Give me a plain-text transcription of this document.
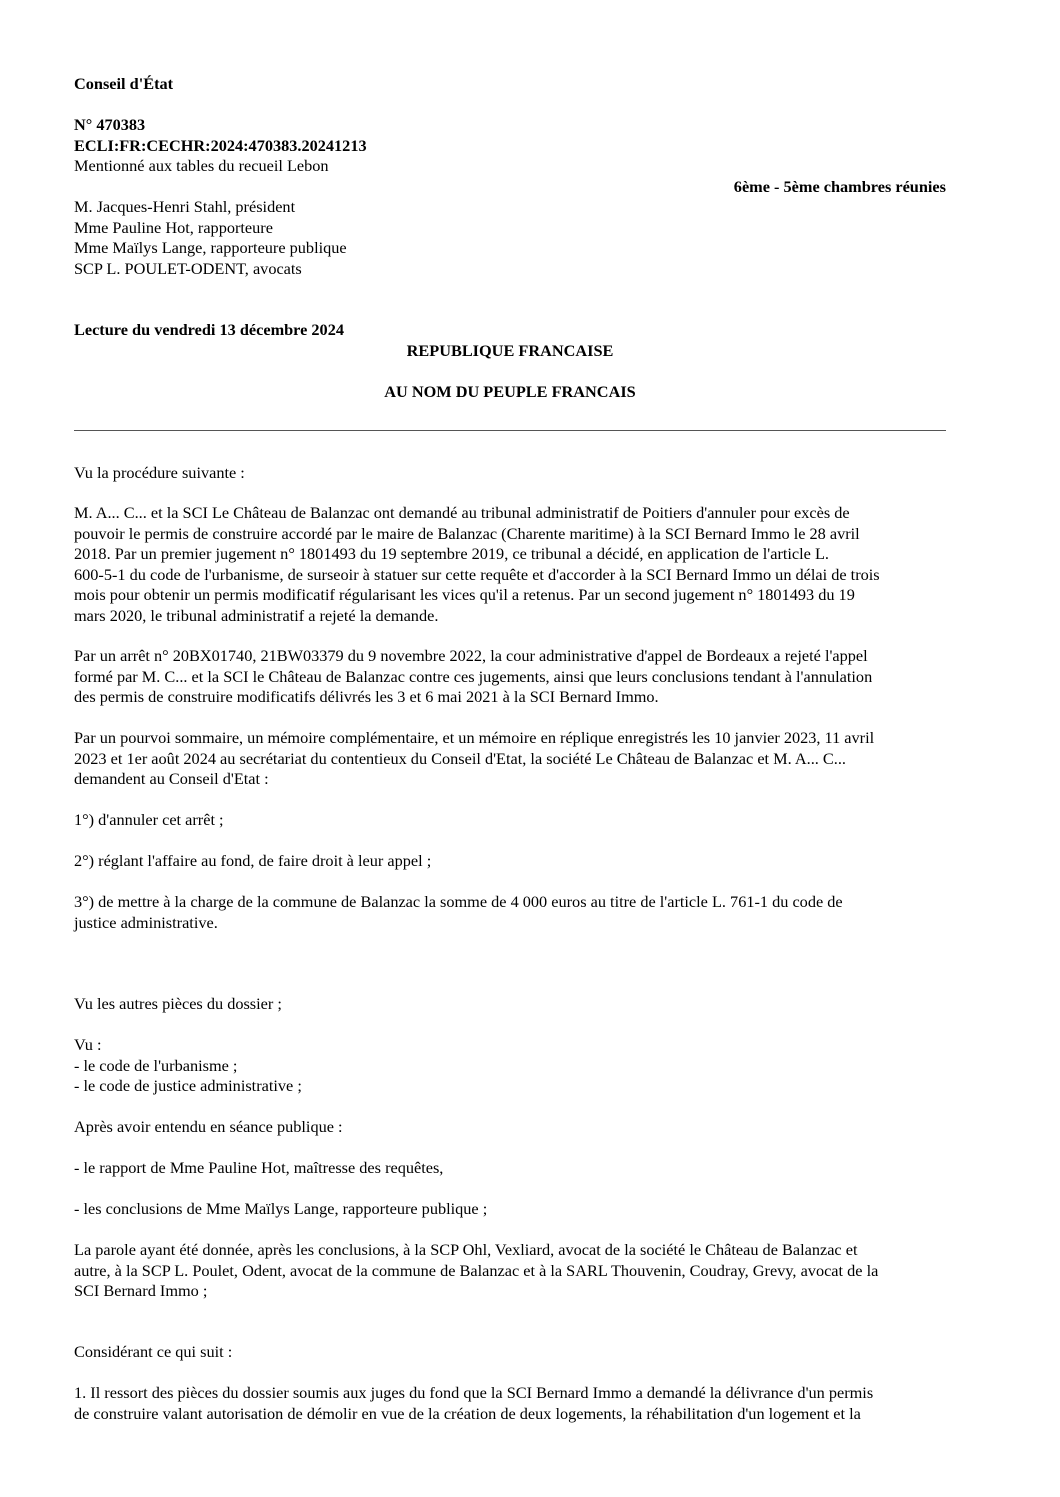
Conseil d'État
N° 470383
ECLI:FR:CECHR:2024:470383.20241213
Mentionné aux tables du recueil Lebon
6ème - 5ème chambres réunies
M. Jacques-Henri Stahl, président
Mme Pauline Hot, rapporteure
Mme Maïlys Lange, rapporteure publique
SCP L. POULET-ODENT, avocats
Lecture du vendredi 13 décembre 2024
REPUBLIQUE FRANCAISE
AU NOM DU PEUPLE FRANCAIS
Vu la procédure suivante :
M. A... C... et la SCI Le Château de Balanzac ont demandé au tribunal administratif de Poitiers d'annuler pour excès de
pouvoir le permis de construire accordé par le maire de Balanzac (Charente maritime) à la SCI Bernard Immo le 28 avril
2018. Par un premier jugement n° 1801493 du 19 septembre 2019, ce tribunal a décidé, en application de l'article L.
600-5-1 du code de l'urbanisme, de surseoir à statuer sur cette requête et d'accorder à la SCI Bernard Immo un délai de trois
mois pour obtenir un permis modificatif régularisant les vices qu'il a retenus. Par un second jugement n° 1801493 du 19
mars 2020, le tribunal administratif a rejeté la demande.
Par un arrêt n° 20BX01740, 21BW03379 du 9 novembre 2022, la cour administrative d'appel de Bordeaux a rejeté l'appel
formé par M. C... et la SCI le Château de Balanzac contre ces jugements, ainsi que leurs conclusions tendant à l'annulation
des permis de construire modificatifs délivrés les 3 et 6 mai 2021 à la SCI Bernard Immo.
Par un pourvoi sommaire, un mémoire complémentaire, et un mémoire en réplique enregistrés les 10 janvier 2023, 11 avril
2023 et 1er août 2024 au secrétariat du contentieux du Conseil d'Etat, la société Le Château de Balanzac et M. A... C...
demandent au Conseil d'Etat :
1°) d'annuler cet arrêt ;
2°) réglant l'affaire au fond, de faire droit à leur appel ;
3°) de mettre à la charge de la commune de Balanzac la somme de 4 000 euros au titre de l'article L. 761-1 du code de
justice administrative.
Vu les autres pièces du dossier ;
Vu :
- le code de l'urbanisme ;
- le code de justice administrative ;
Après avoir entendu en séance publique :
- le rapport de Mme Pauline Hot, maîtresse des requêtes,
- les conclusions de Mme Maïlys Lange, rapporteure publique ;
La parole ayant été donnée, après les conclusions, à la SCP Ohl, Vexliard, avocat de la société le Château de Balanzac et
autre, à la SCP L. Poulet, Odent, avocat de la commune de Balanzac et à la SARL Thouvenin, Coudray, Grevy, avocat de la
SCI Bernard Immo ;
Considérant ce qui suit :
1. Il ressort des pièces du dossier soumis aux juges du fond que la SCI Bernard Immo a demandé la délivrance d'un permis
de construire valant autorisation de démolir en vue de la création de deux logements, la réhabilitation d'un logement et la
